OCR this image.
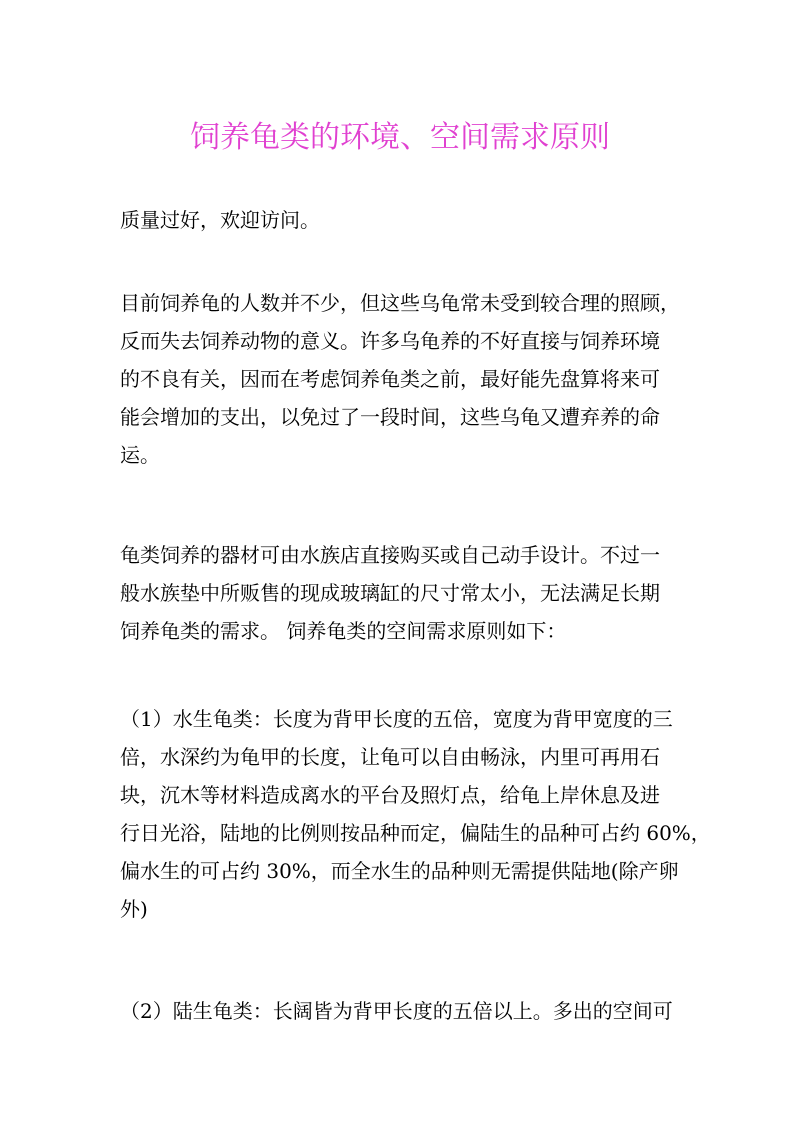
饲养龟类的环境、空间需求原则

质量过好，欢迎访问。

目前饲养龟的人数并不少，但这些乌龟常未受到较合理的照顾，

反而失去饲养动物的意义。许多乌龟养的不好直接与饲养环境

的不良有关，因而在考虑饲养龟类之前，最好能先盘算将来可

能会增加的支出，以免过了一段时间，这些乌龟又遭弃养的命

运。

龟类饲养的器材可由水族店直接购买或自己动手设计。不过一

般水族垫中所贩售的现成玻璃缸的尺寸常太小，无法满足长期

饲养龟类的需求。 饲养龟类的空间需求原则如下：

（1）水生龟类：长度为背甲长度的五倍，宽度为背甲宽度的三

倍，水深约为龟甲的长度，让龟可以自由畅泳，内里可再用石

块，沉木等材料造成离水的平台及照灯点，给龟上岸休息及进

行日光浴，陆地的比例则按品种而定，偏陆生的品种可占约 60%，

偏水生的可占约 30%，而全水生的品种则无需提供陆地(除产卵

外)

（2）陆生龟类：长阔皆为背甲长度的五倍以上。多出的空间可
